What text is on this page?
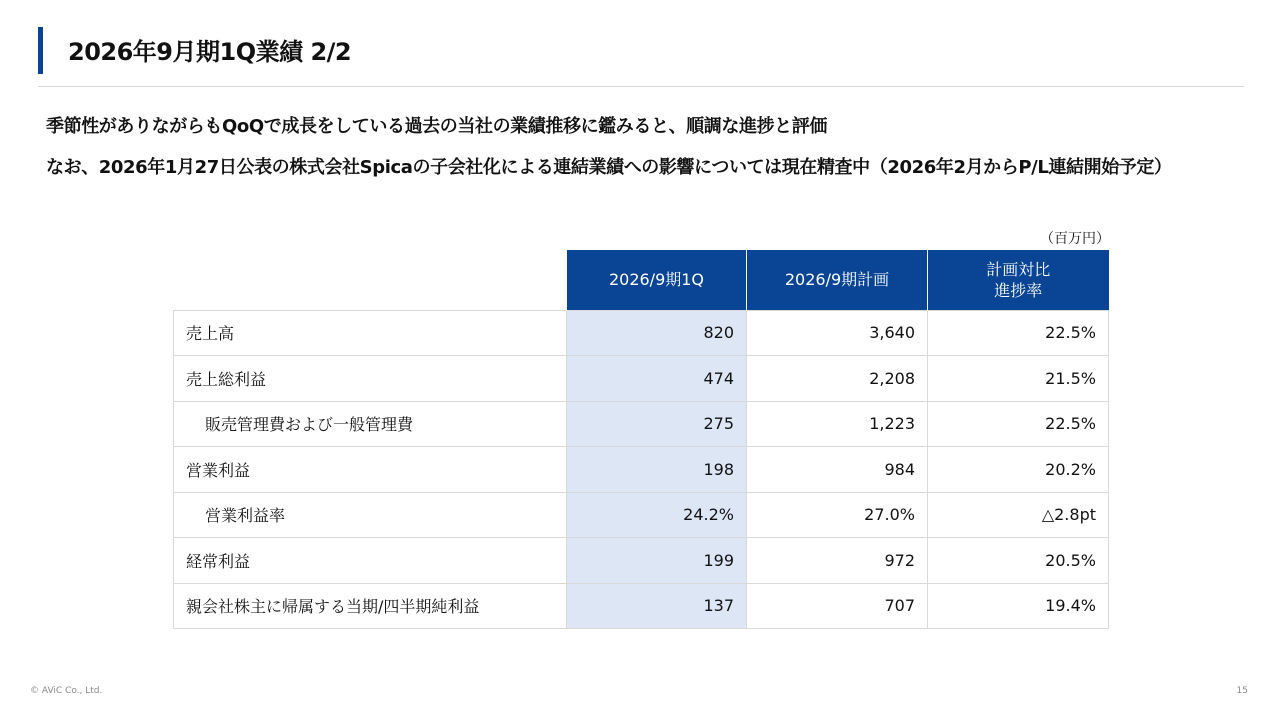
2026年9月期1Q業績 2/2
季節性がありながらもQoQで成長をしている過去の当社の業績推移に鑑みると、順調な進捗と評価
なお、2026年1月27日公表の株式会社Spicaの子会社化による連結業績への影響については現在精査中（2026年2月からP/L連結開始予定）
（百万円）
	2026/9期1Q	2026/9期計画	計画対比
進捗率
売上高	820	3,640	22.5%
売上総利益	474	2,208	21.5%
販売管理費および一般管理費	275	1,223	22.5%
営業利益	198	984	20.2%
営業利益率	24.2%	27.0%	△2.8pt
経常利益	199	972	20.5%
親会社株主に帰属する当期/四半期純利益	137	707	19.4%
© AViC Co., Ltd.	15
